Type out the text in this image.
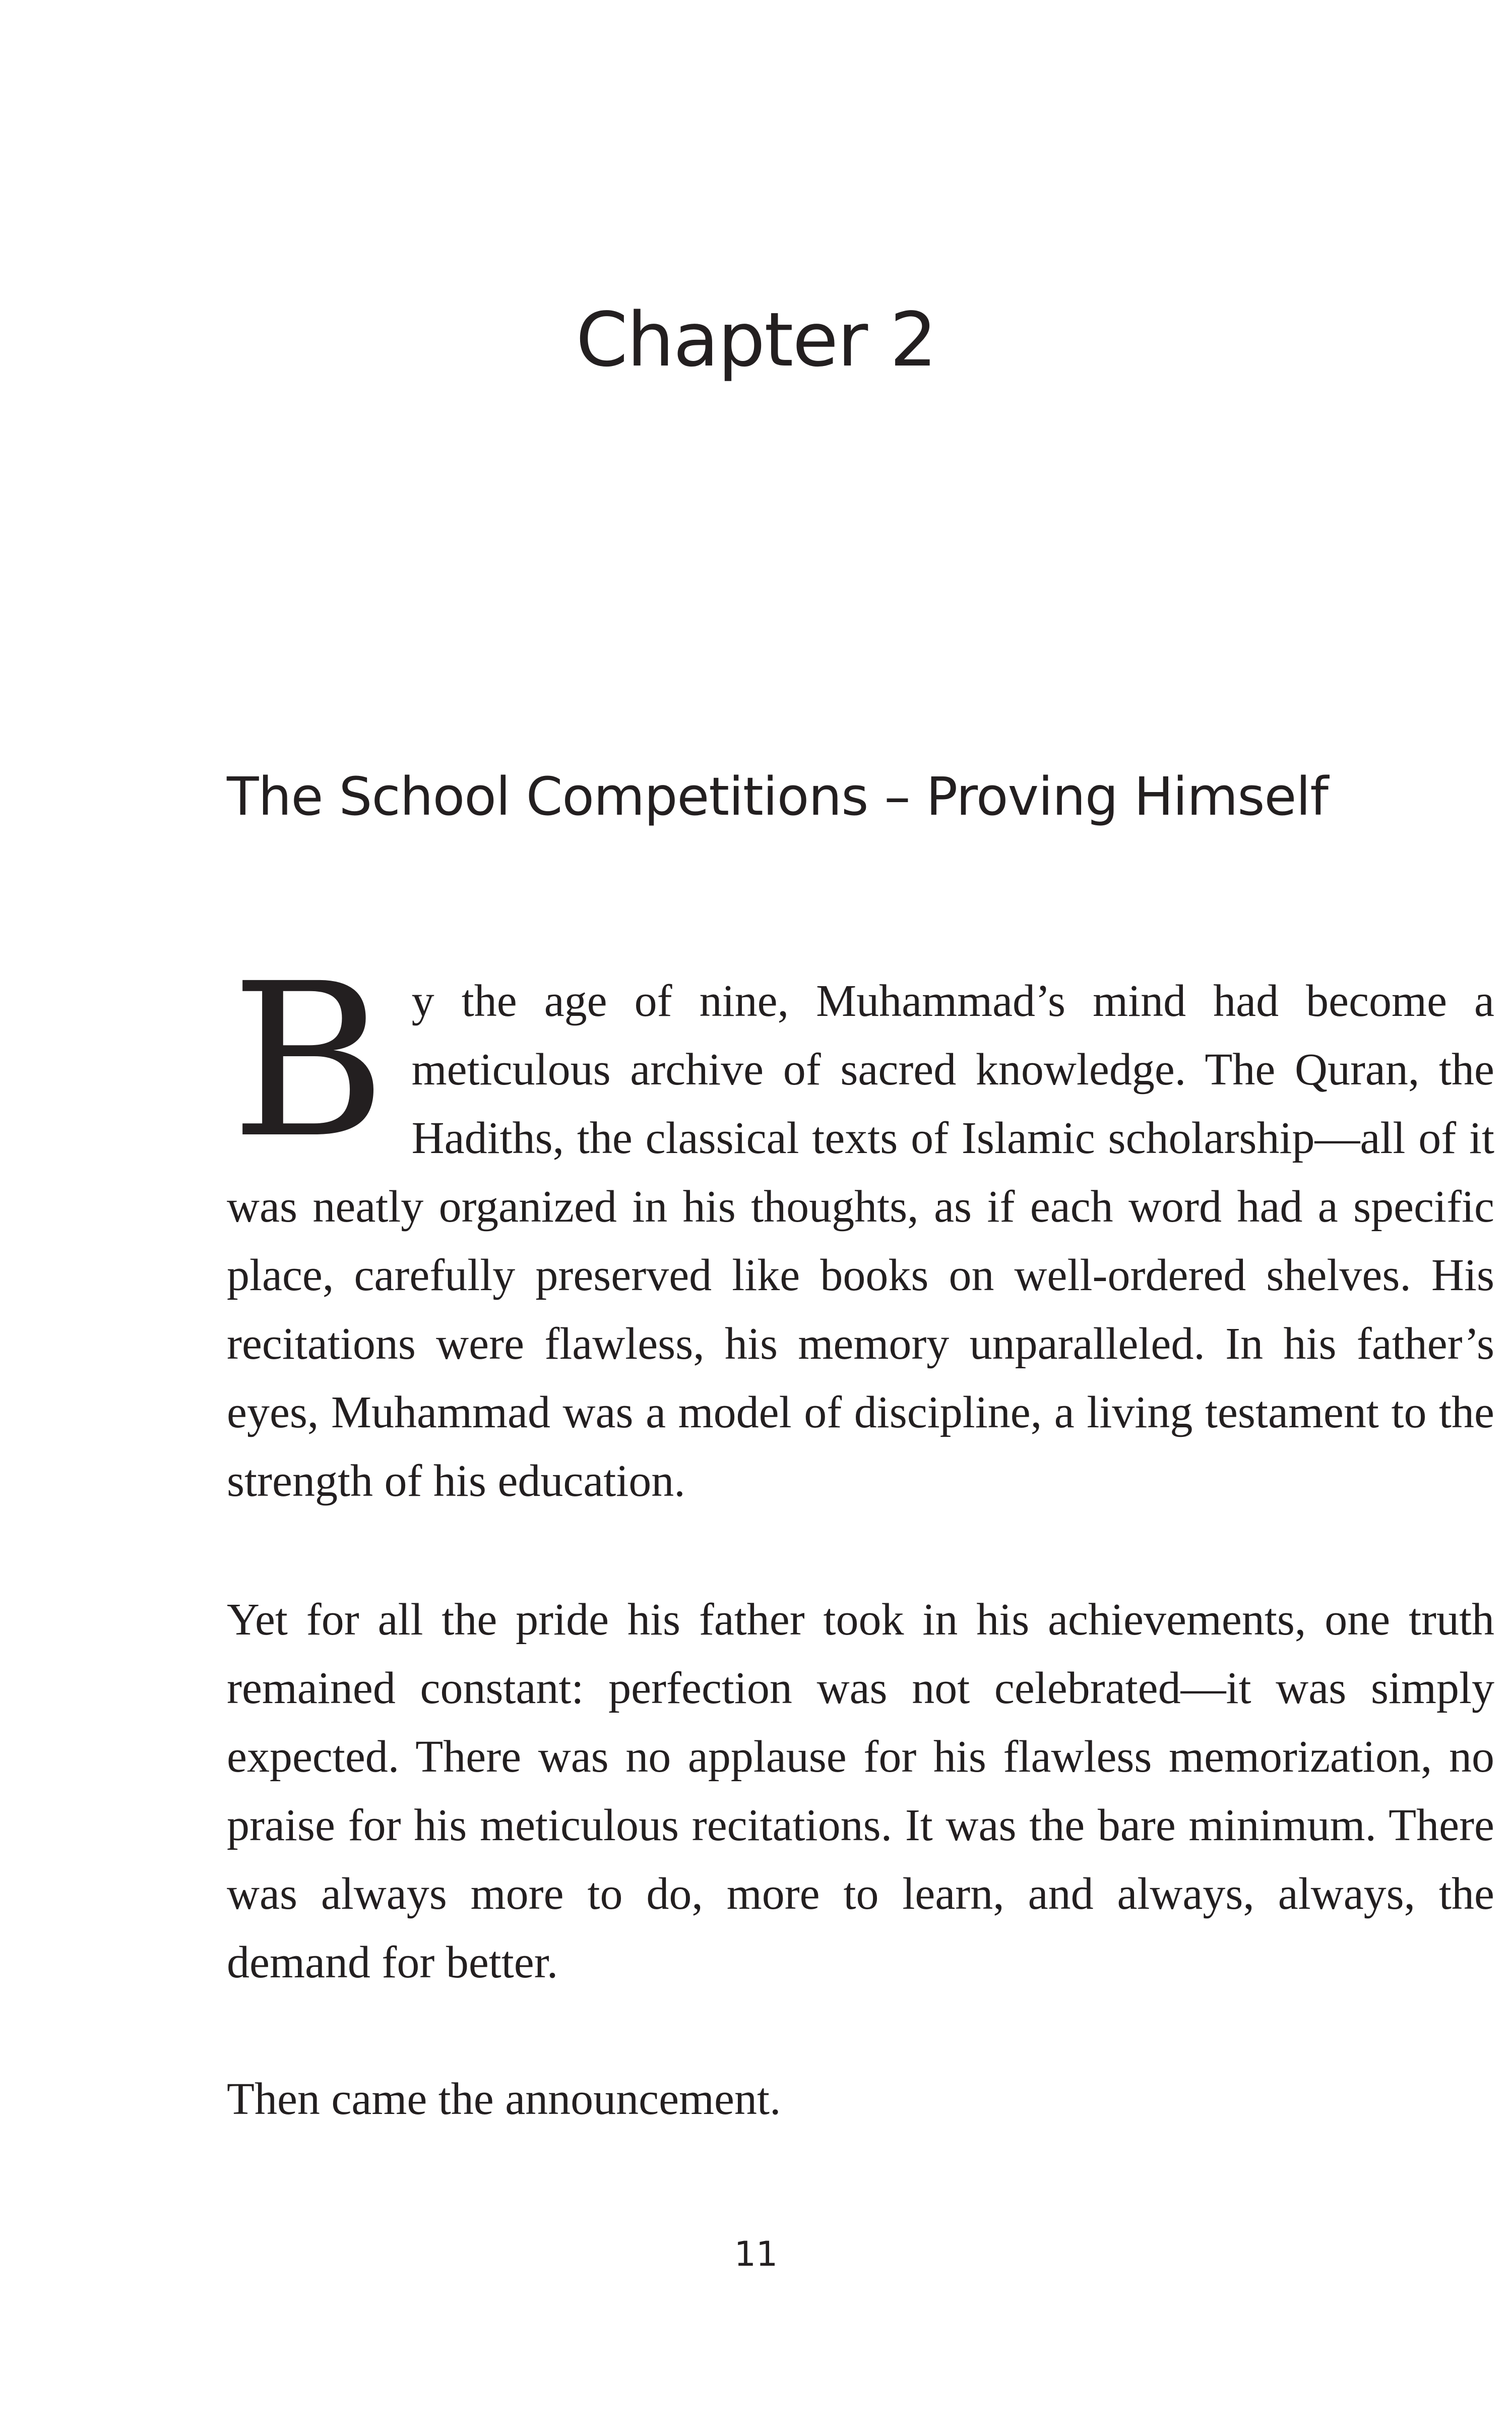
Chapter 2
The School Competitions – Proving Himself

By the age of nine, Muhammad’s mind had become a meticulous archive of sacred knowledge. The Quran, the Hadiths, the classical texts of Islamic scholarship—all of it was neatly organized in his thoughts, as if each word had a specific place, carefully preserved like books on well-ordered shelves. His recitations were flawless, his memory unparalleled. In his father’s eyes, Muhammad was a model of discipline, a living testament to the strength of his education.

Yet for all the pride his father took in his achievements, one truth remained constant: perfection was not celebrated—it was simply expected. There was no applause for his flawless memorization, no praise for his meticulous recitations. It was the bare minimum. There was always more to do, more to learn, and always, always, the demand for better.

Then came the announcement.

11
